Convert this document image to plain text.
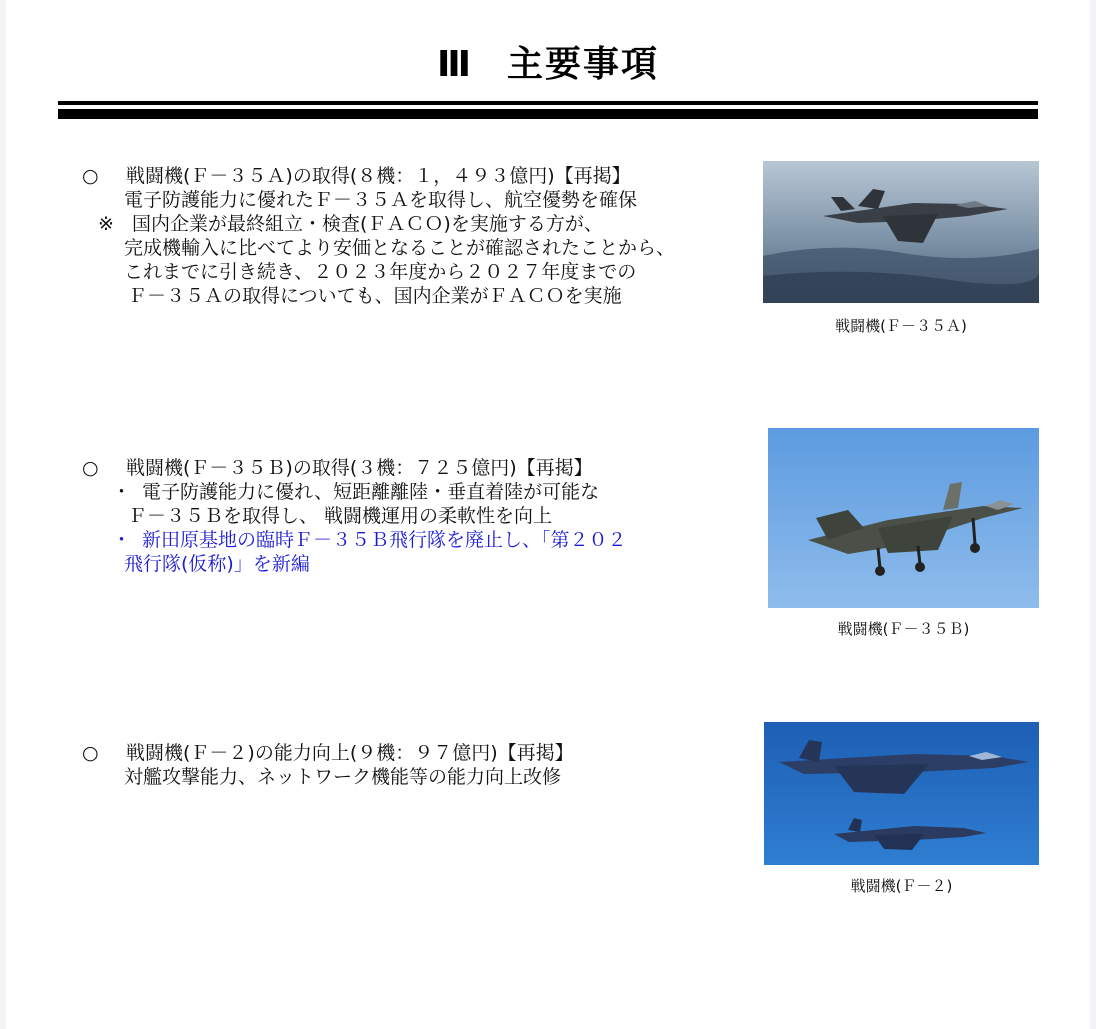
Ⅲ 主要事項
○ 戦闘機(Ｆ－３５Ａ)の取得(８機：１，４９３億円)【再掲】
電子防護能力に優れたＦ－３５Ａを取得し、航空優勢を確保
※ 国内企業が最終組立・検査(ＦＡＣＯ)を実施する方が、
完成機輸入に比べてより安価となることが確認されたことから、
これまでに引き続き、２０２３年度から２０２７年度までの
Ｆ－３５Ａの取得についても、国内企業がＦＡＣＯを実施
戦闘機(Ｆ－３５Ａ)
○ 戦闘機(Ｆ－３５Ｂ)の取得(３機：７２５億円)【再掲】
・ 電子防護能力に優れ、短距離離陸・垂直着陸が可能な
Ｆ－３５Ｂを取得し、 戦闘機運用の柔軟性を向上
・ 新田原基地の臨時Ｆ－３５Ｂ飛行隊を廃止し、「第２０２
飛行隊(仮称)」を新編
戦闘機(Ｆ－３５Ｂ)
○ 戦闘機(Ｆ－２)の能力向上(９機：９７億円)【再掲】
対艦攻撃能力、ネットワーク機能等の能力向上改修
戦闘機(Ｆ－２)
